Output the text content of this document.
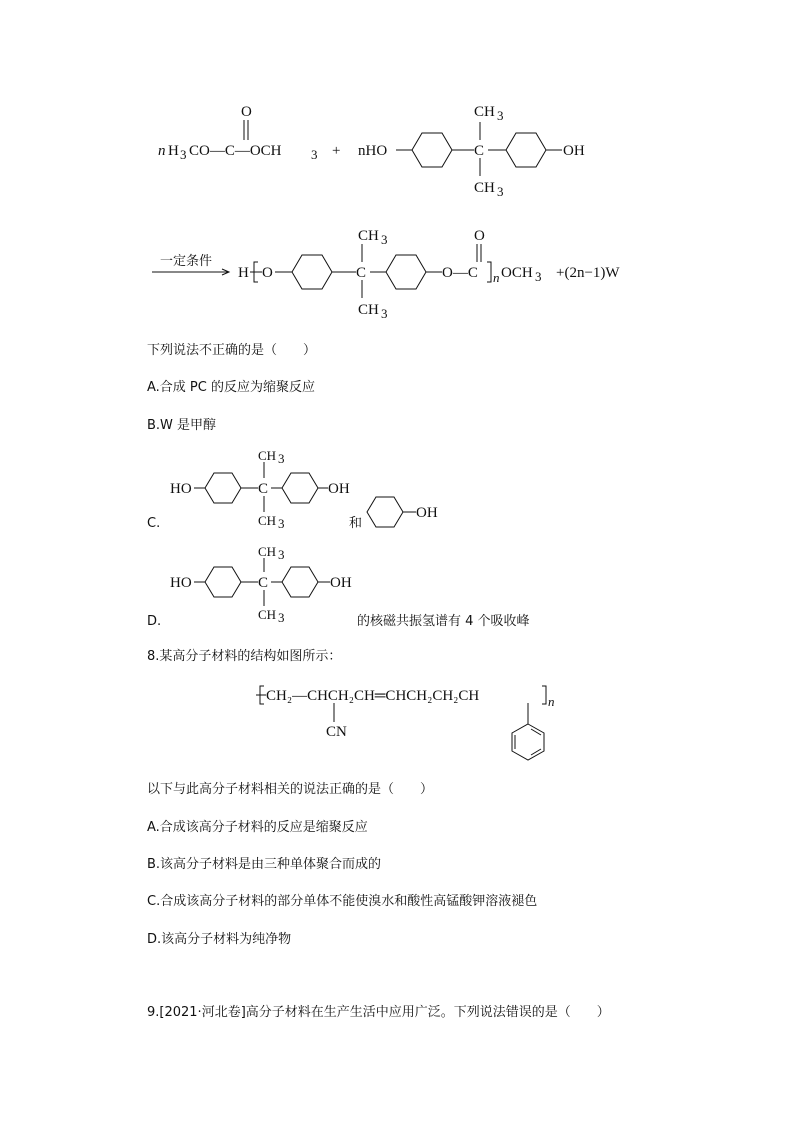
n H 3 CO—C—OCH 3
O
+ nHO	C
CH 3
CH 3
OH
一定条件
H O	C
CH 3
CH 3
O—C
O
n OCH 3 +(2n−1)W
HO	C
CH 3
CH 3
OH
OH
HO	C
CH 3
CH 3
OH
CH₂—CHCH₂CH═CHCH₂CH₂CH
CN
n
下列说法不正确的是（　　）
A.合成 PC 的反应为缩聚反应
B.W 是甲醇
C.	和
D.	的核磁共振氢谱有 4 个吸收峰
8.某高分子材料的结构如图所示：
以下与此高分子材料相关的说法正确的是（　　）
A.合成该高分子材料的反应是缩聚反应
B.该高分子材料是由三种单体聚合而成的
C.合成该高分子材料的部分单体不能使溴水和酸性高锰酸钾溶液褪色
D.该高分子材料为纯净物
9.[2021·河北卷]高分子材料在生产生活中应用广泛。下列说法错误的是（　　）
